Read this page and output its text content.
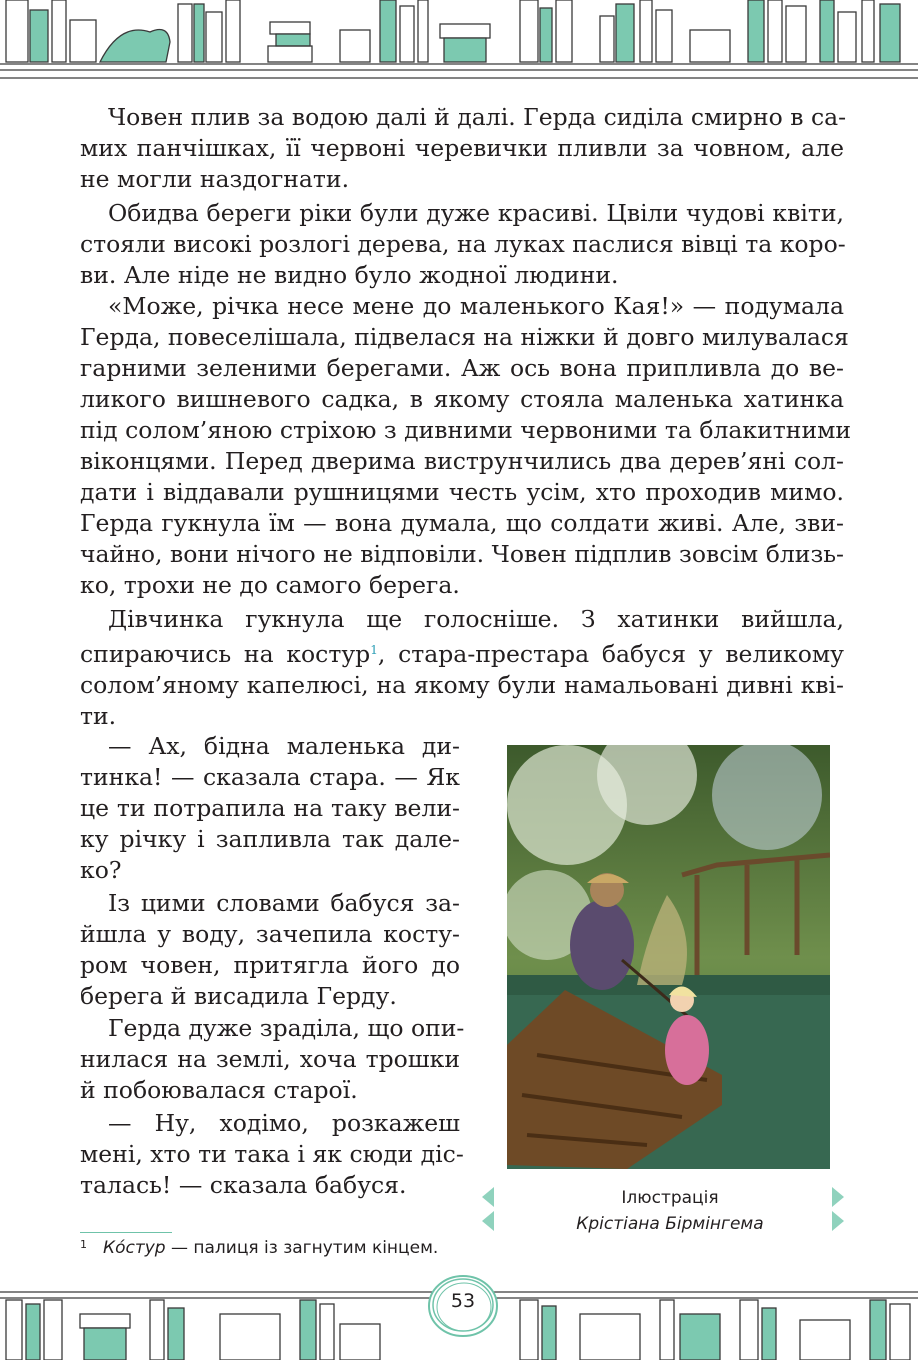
Човен плив за водою далі й далі. Герда сиділа смирно в са-
мих панчішках, її червоні черевички пливли за човном, але
не могли наздогнати.
Обидва береги ріки були дуже красиві. Цвіли чудові квіти,
стояли високі розлогі дерева, на луках паслися вівці та коро-
ви. Але ніде не видно було жодної людини.
«Може, річка несе мене до маленького Кая!» — подумала
Герда, повеселішала, підвелася на ніжки й довго милувалася
гарними зеленими берегами. Аж ось вона припливла до ве-
ликого вишневого садка, в якому стояла маленька хатинка
під солом’яною стріхою з дивними червоними та блакитними
віконцями. Перед дверима виструнчились два дерев’яні сол-
дати і віддавали рушницями честь усім, хто проходив мимо.
Герда гукнула їм — вона думала, що солдати живі. Але, зви-
чайно, вони нічого не відповіли. Човен підплив зовсім близь-
ко, трохи не до самого берега.
Дівчинка гукнула ще голосніше. З хатинки вийшла,
спираючись на костур$^1$, стара-престара бабуся у великому
солом’яному капелюсі, на якому були намальовані дивні кві-
ти.
— Ах, бідна маленька ди-
тинка! — сказала стара. — Як
це ти потрапила на таку вели-
ку річку і запливла так дале-
ко?
Із цими словами бабуся за-
йшла у воду, зачепила косту-
ром човен, притягла його до
берега й висадила Герду.
Герда дуже зраділа, що опи-
нилася на землі, хоча трошки
й побоювалася старої.
— Ну, ходімо, розкажеш
мені, хто ти така і як сюди діс-
талась! — сказала бабуся.	Ілюстрація
Крістіана Бірмінгема
$^1$ Ко́стур — палиця із загнутим кінцем.
53
